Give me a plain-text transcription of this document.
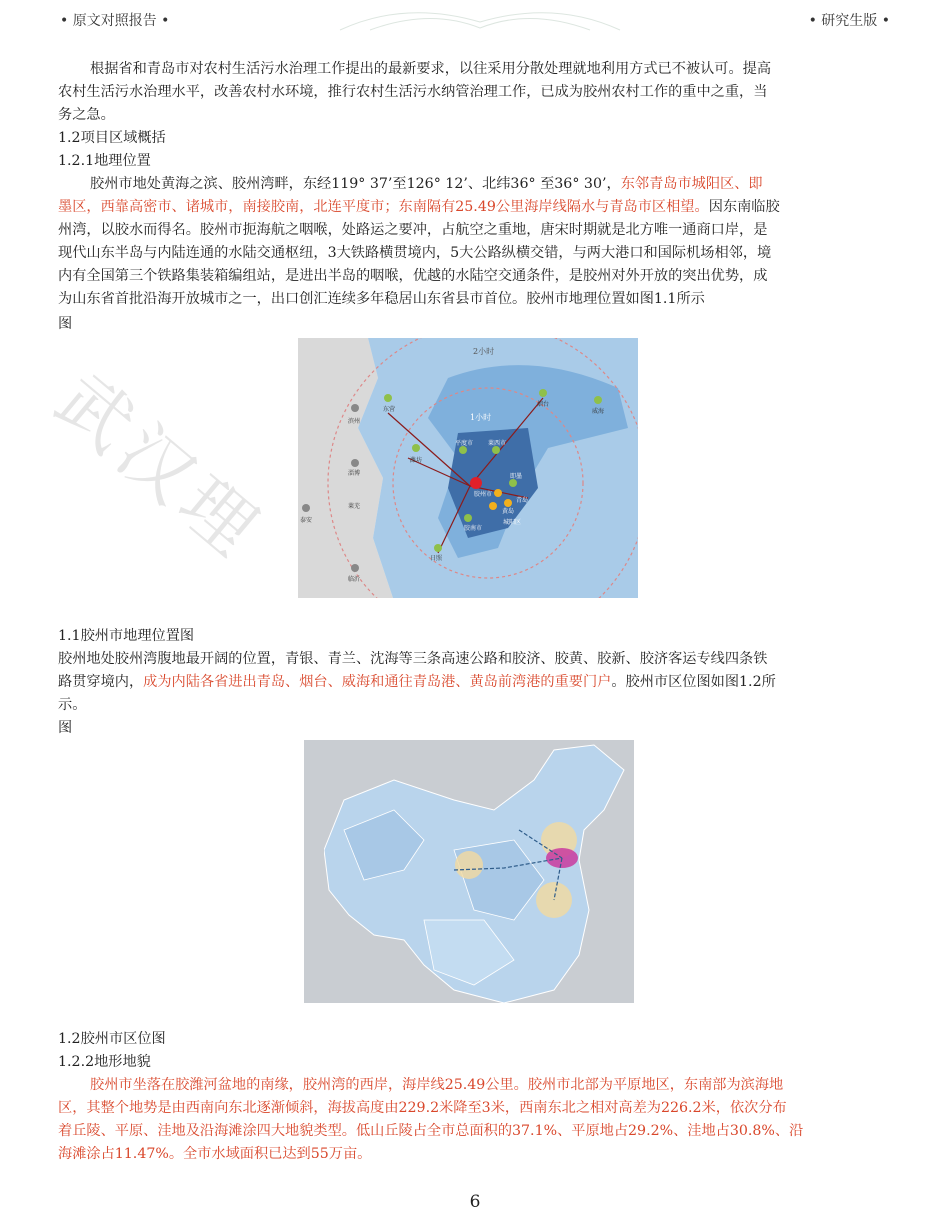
• 原文对照报告 •	• 研究生版 •
武汉理
根据省和青岛市对农村生活污水治理工作提出的最新要求，以往采用分散处理就地利用方式已不被认可。提高
农村生活污水治理水平，改善农村水环境，推行农村生活污水纳管治理工作，已成为胶州农村工作的重中之重，当
务之急。
1.2项目区域概括
1.2.1地理位置
胶州市地处黄海之滨、胶州湾畔，东经119° 37’至126° 12’、北纬36° 至36° 30’，东邻青岛市城阳区、即
墨区，西靠高密市、诸城市，南接胶南，北连平度市；东南隔有25.49公里海岸线隔水与青岛市区相望。因东南临胶
州湾，以胶水而得名。胶州市扼海航之咽喉，处路运之要冲，占航空之重地，唐宋时期就是北方唯一通商口岸，是
现代山东半岛与内陆连通的水陆交通枢纽，3大铁路横贯境内，5大公路纵横交错，与两大港口和国际机场相邻，境
内有全国第三个铁路集装箱编组站，是进出半岛的咽喉，优越的水陆空交通条件，是胶州对外开放的突出优势，成
为山东省首批沿海开放城市之一，出口创汇连续多年稳居山东省县市首位。胶州市地理位置如图1.1所示
图
2小时
1小时
东营
潍坊
淄博
滨州
莱芜
泰安
临沂
日照
烟台
威海
平度市 莱西市
胶州市
即墨
青岛
黄岛
胶南市
城阳区
1.1胶州市地理位置图
胶州地处胶州湾腹地最开阔的位置，青银、青兰、沈海等三条高速公路和胶济、胶黄、胶新、胶济客运专线四条铁
路贯穿境内，成为内陆各省进出青岛、烟台、威海和通往青岛港、黄岛前湾港的重要门户。胶州市区位图如图1.2所
示。
图
1.2胶州市区位图
1.2.2地形地貌
胶州市坐落在胶潍河盆地的南缘，胶州湾的西岸，海岸线25.49公里。胶州市北部为平原地区，东南部为滨海地
区，其整个地势是由西南向东北逐渐倾斜，海拔高度由229.2米降至3米，西南东北之相对高差为226.2米，依次分布
着丘陵、平原、洼地及沿海滩涂四大地貌类型。低山丘陵占全市总面积的37.1%、平原地占29.2%、洼地占30.8%、沿
海滩涂占11.47%。全市水域面积已达到55万亩。
6
